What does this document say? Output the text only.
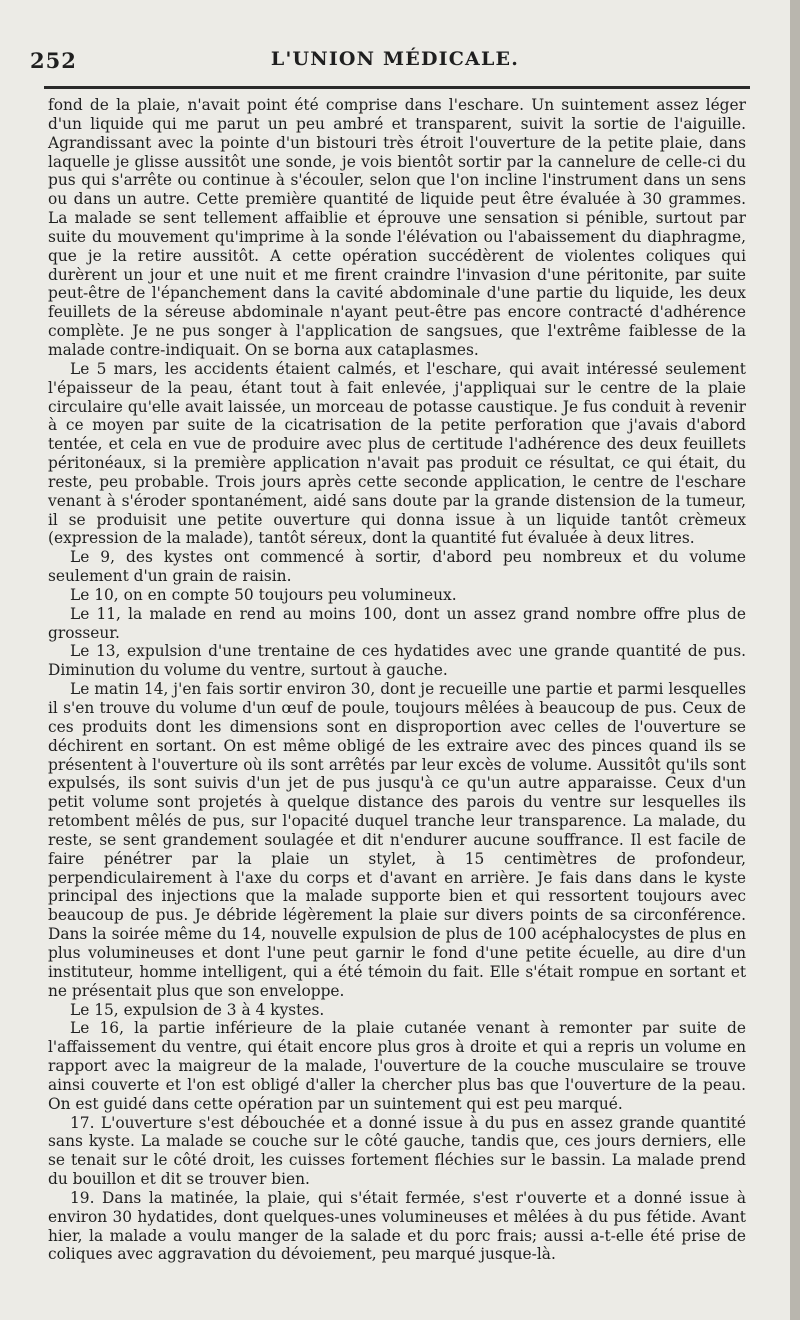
252	L'UNION MÉDICALE.

fond de la plaie, n'avait point été comprise dans l'eschare. Un suintement assez léger d'un liquide qui me parut un peu ambré et transparent, suivit la sortie de l'aiguille. Agrandissant avec la pointe d'un bistouri très étroit l'ouverture de la petite plaie, dans laquelle je glisse aussitôt une sonde, je vois bientôt sortir par la cannelure de celle-ci du pus qui s'arrête ou continue à s'écouler, selon que l'on incline l'instrument dans un sens ou dans un autre. Cette première quantité de liquide peut être évaluée à 30 grammes. La malade se sent tellement affaiblie et éprouve une sensation si pénible, surtout par suite du mouvement qu'imprime à la sonde l'élévation ou l'abaissement du diaphragme, que je la retire aussitôt. A cette opération succédèrent de violentes coliques qui durèrent un jour et une nuit et me firent craindre l'invasion d'une péritonite, par suite peut-être de l'épanchement dans la cavité abdominale d'une partie du liquide, les deux feuillets de la séreuse abdominale n'ayant peut-être pas encore contracté d'adhérence complète. Je ne pus songer à l'application de sangsues, que l'extrême faiblesse de la malade contre-indiquait. On se borna aux cataplasmes.

Le 5 mars, les accidents étaient calmés, et l'eschare, qui avait intéressé seulement l'épaisseur de la peau, étant tout à fait enlevée, j'appliquai sur le centre de la plaie circulaire qu'elle avait laissée, un morceau de potasse caustique. Je fus conduit à revenir à ce moyen par suite de la cicatrisation de la petite perforation que j'avais d'abord tentée, et cela en vue de produire avec plus de certitude l'adhérence des deux feuillets péritonéaux, si la première application n'avait pas produit ce résultat, ce qui était, du reste, peu probable. Trois jours après cette seconde application, le centre de l'eschare venant à s'éroder spontanément, aidé sans doute par la grande distension de la tumeur, il se produisit une petite ouverture qui donna issue à un liquide tantôt crèmeux (expression de la malade), tantôt séreux, dont la quantité fut évaluée à deux litres.

Le 9, des kystes ont commencé à sortir, d'abord peu nombreux et du volume seulement d'un grain de raisin.

Le 10, on en compte 50 toujours peu volumineux.

Le 11, la malade en rend au moins 100, dont un assez grand nombre offre plus de grosseur.

Le 13, expulsion d'une trentaine de ces hydatides avec une grande quantité de pus. Diminution du volume du ventre, surtout à gauche.

Le matin 14, j'en fais sortir environ 30, dont je recueille une partie et parmi lesquelles il s'en trouve du volume d'un œuf de poule, toujours mêlées à beaucoup de pus. Ceux de ces produits dont les dimensions sont en disproportion avec celles de l'ouverture se déchirent en sortant. On est même obligé de les extraire avec des pinces quand ils se présentent à l'ouverture où ils sont arrêtés par leur excès de volume. Aussitôt qu'ils sont expulsés, ils sont suivis d'un jet de pus jusqu'à ce qu'un autre apparaisse. Ceux d'un petit volume sont projetés à quelque distance des parois du ventre sur lesquelles ils retombent mêlés de pus, sur l'opacité duquel tranche leur transparence. La malade, du reste, se sent grandement soulagée et dit n'endurer aucune souffrance. Il est facile de faire pénétrer par la plaie un stylet, à 15 centimètres de profondeur, perpendiculairement à l'axe du corps et d'avant en arrière. Je fais dans dans le kyste principal des injections que la malade supporte bien et qui ressortent toujours avec beaucoup de pus. Je débride légèrement la plaie sur divers points de sa circonférence. Dans la soirée même du 14, nouvelle expulsion de plus de 100 acéphalocystes de plus en plus volumineuses et dont l'une peut garnir le fond d'une petite écuelle, au dire d'un instituteur, homme intelligent, qui a été témoin du fait. Elle s'était rompue en sortant et ne présentait plus que son enveloppe.

Le 15, expulsion de 3 à 4 kystes.

Le 16, la partie inférieure de la plaie cutanée venant à remonter par suite de l'affaissement du ventre, qui était encore plus gros à droite et qui a repris un volume en rapport avec la maigreur de la malade, l'ouverture de la couche musculaire se trouve ainsi couverte et l'on est obligé d'aller la chercher plus bas que l'ouverture de la peau. On est guidé dans cette opération par un suintement qui est peu marqué.

17. L'ouverture s'est débouchée et a donné issue à du pus en assez grande quantité sans kyste. La malade se couche sur le côté gauche, tandis que, ces jours derniers, elle se tenait sur le côté droit, les cuisses fortement fléchies sur le bassin. La malade prend du bouillon et dit se trouver bien.

19. Dans la matinée, la plaie, qui s'était fermée, s'est r'ouverte et a donné issue à environ 30 hydatides, dont quelques-unes volumineuses et mêlées à du pus fétide. Avant hier, la malade a voulu manger de la salade et du porc frais; aussi a-t-elle été prise de coliques avec aggravation du dévoiement, peu marqué jusque-là.
